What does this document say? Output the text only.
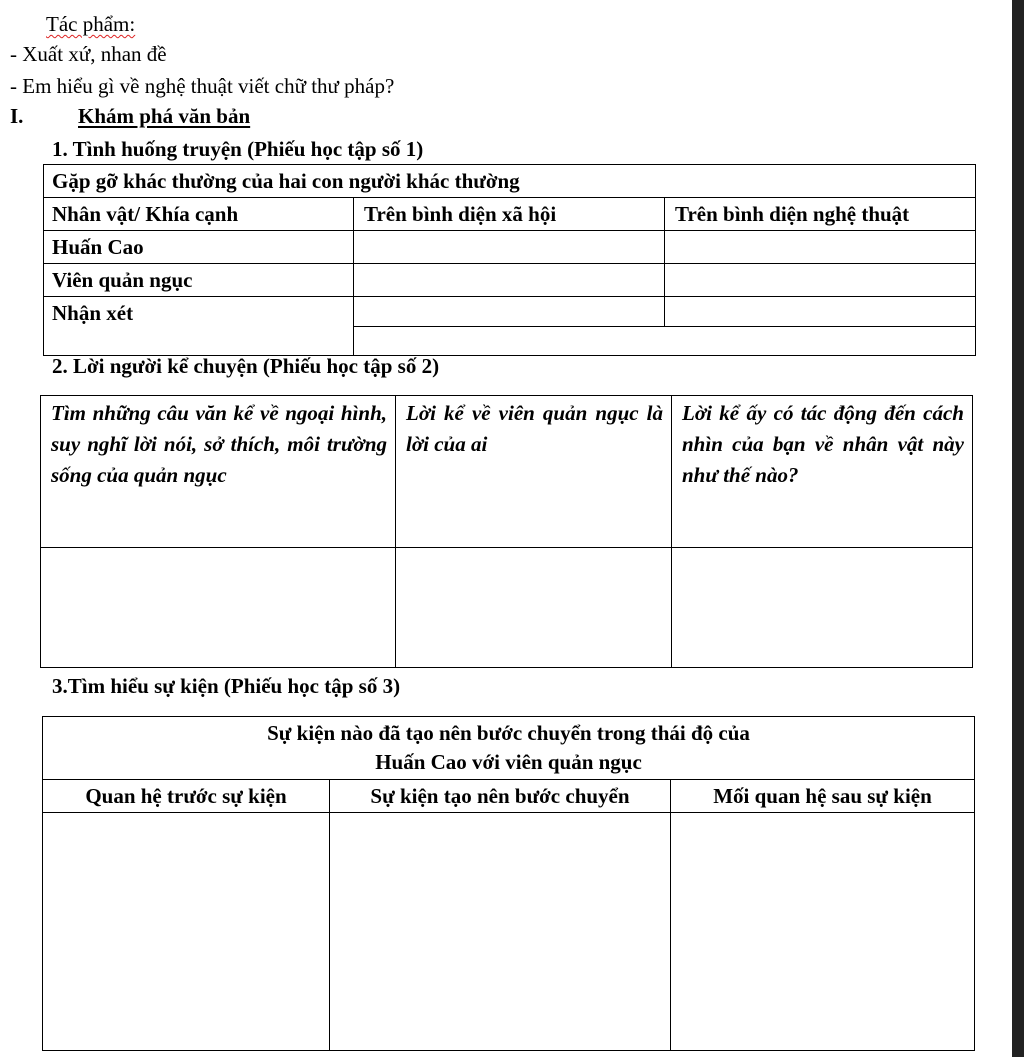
Tác phẩm:
- Xuất xứ, nhan đề
- Em hiểu gì về nghệ thuật viết chữ thư pháp?
I.	Khám phá văn bản
1. Tình huống truyện (Phiếu học tập số 1)
Gặp gỡ khác thường của hai con người khác thường		
Nhân vật/ Khía cạnh	Trên bình diện xã hội	Trên bình diện nghệ thuật
Huấn Cao		
Viên quản ngục		
Nhận xét		

2. Lời người kể chuyện (Phiếu học tập số 2)
Tìm những câu văn kể về ngoại hình, suy nghĩ lời nói, sở thích, môi trường sống của quản ngục	Lời kể về viên quản ngục là lời của ai	Lời kể ấy có tác động đến cách nhìn của bạn về nhân vật này như thế nào?

3.Tìm hiểu sự kiện (Phiếu học tập số 3)
Sự kiện nào đã tạo nên bước chuyển trong thái độ của
Huấn Cao với viên quản ngục		

Quan hệ trước sự kiện	Sự kiện tạo nên bước chuyển	Mối quan hệ sau sự kiện
